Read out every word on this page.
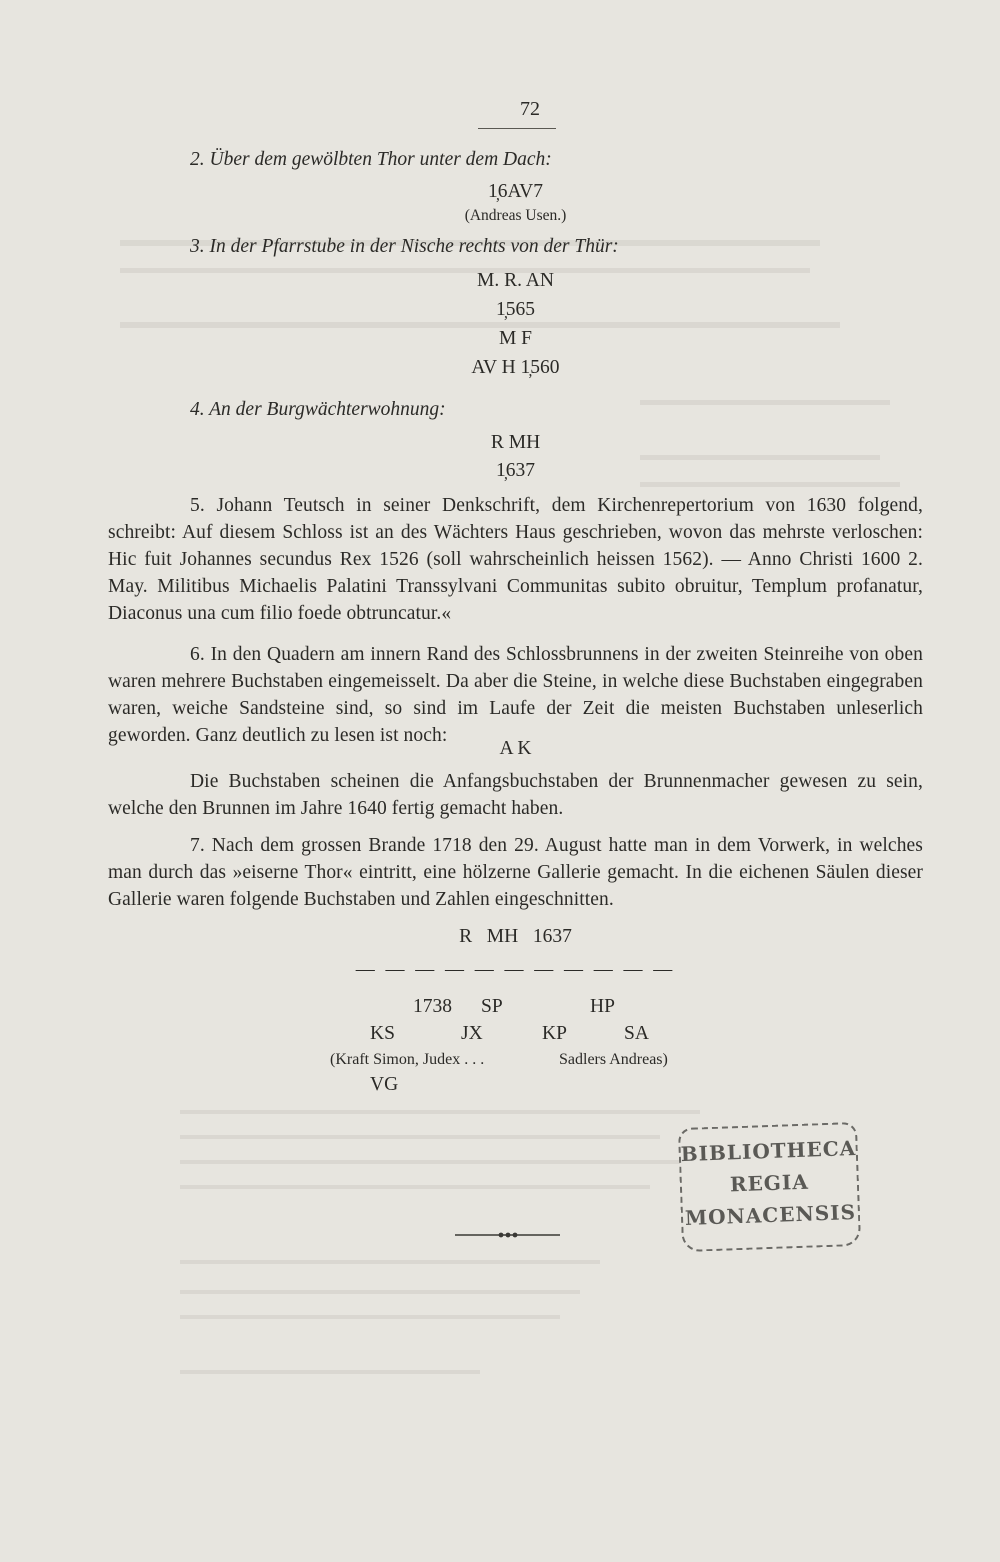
72

2. Über dem gewölbten Thor unter dem Dach:

1̦6AV7

(Andreas Usen.)

3. In der Pfarrstube in der Nische rechts von der Thür:

M. R. AN

1̦565

M F

AV H 1̦560

4. An der Burgwächterwohnung:

R MH

1̦637

5. Johann Teutsch in seiner Denkschrift, dem Kirchenrepertorium von 1630 folgend, schreibt: Auf diesem Schloss ist an des Wächters Haus geschrieben, wovon das mehrste verloschen: Hic fuit Johannes secundus Rex 1526 (soll wahrscheinlich heissen 1562). — Anno Christi 1600 2. May. Militibus Michaelis Palatini Transsylvani Communitas subito obruitur, Templum profanatur, Diaconus una cum filio foede obtruncatur.«

6. In den Quadern am innern Rand des Schlossbrunnens in der zweiten Steinreihe von oben waren mehrere Buchstaben eingemeisselt. Da aber die Steine, in welche diese Buchstaben eingegraben waren, weiche Sandsteine sind, so sind im Laufe der Zeit die meisten Buchstaben unleserlich geworden. Ganz deutlich zu lesen ist noch:

A K

Die Buchstaben scheinen die Anfangsbuchstaben der Brunnenmacher gewesen zu sein, welche den Brunnen im Jahre 1640 fertig gemacht haben.

7. Nach dem grossen Brande 1718 den 29. August hatte man in dem Vorwerk, in welches man durch das »eiserne Thor« eintritt, eine hölzerne Gallerie gemacht. In die eichenen Säulen dieser Gallerie waren folgende Buchstaben und Zahlen eingeschnitten.

R   MH   1637

— — — — — — — — — — —

1738 SP	HP
KS	JX	KP	SA
(Kraft Simon, Judex . . .	Sadlers Andreas)
VG
BIBLIOTHECA
REGIA
MONACENSIS
